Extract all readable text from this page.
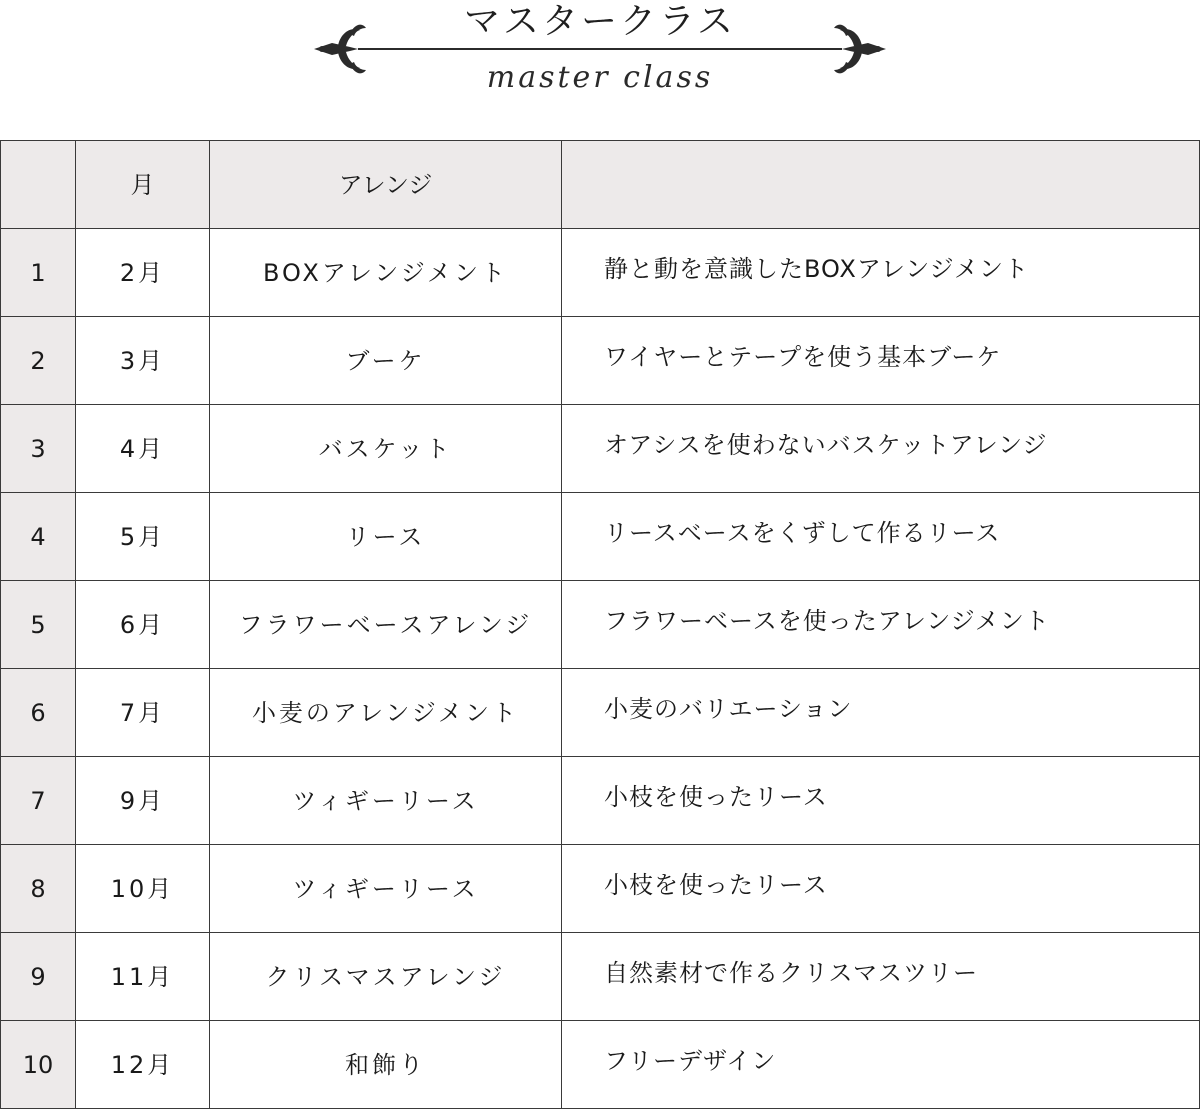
マスタークラス
master class
	月	アレンジ	
1	2月	BOXアレンジメント	静と動を意識したBOXアレンジメント
2	3月	ブーケ	ワイヤーとテープを使う基本ブーケ
3	4月	バスケット	オアシスを使わないバスケットアレンジ
4	5月	リース	リースベースをくずして作るリース
5	6月	フラワーベースアレンジ	フラワーベースを使ったアレンジメント
6	7月	小麦のアレンジメント	小麦のバリエーション
7	9月	ツィギーリース	小枝を使ったリース
8	10月	ツィギーリース	小枝を使ったリース
9	11月	クリスマスアレンジ	自然素材で作るクリスマスツリー
10	12月	和飾り	フリーデザイン
